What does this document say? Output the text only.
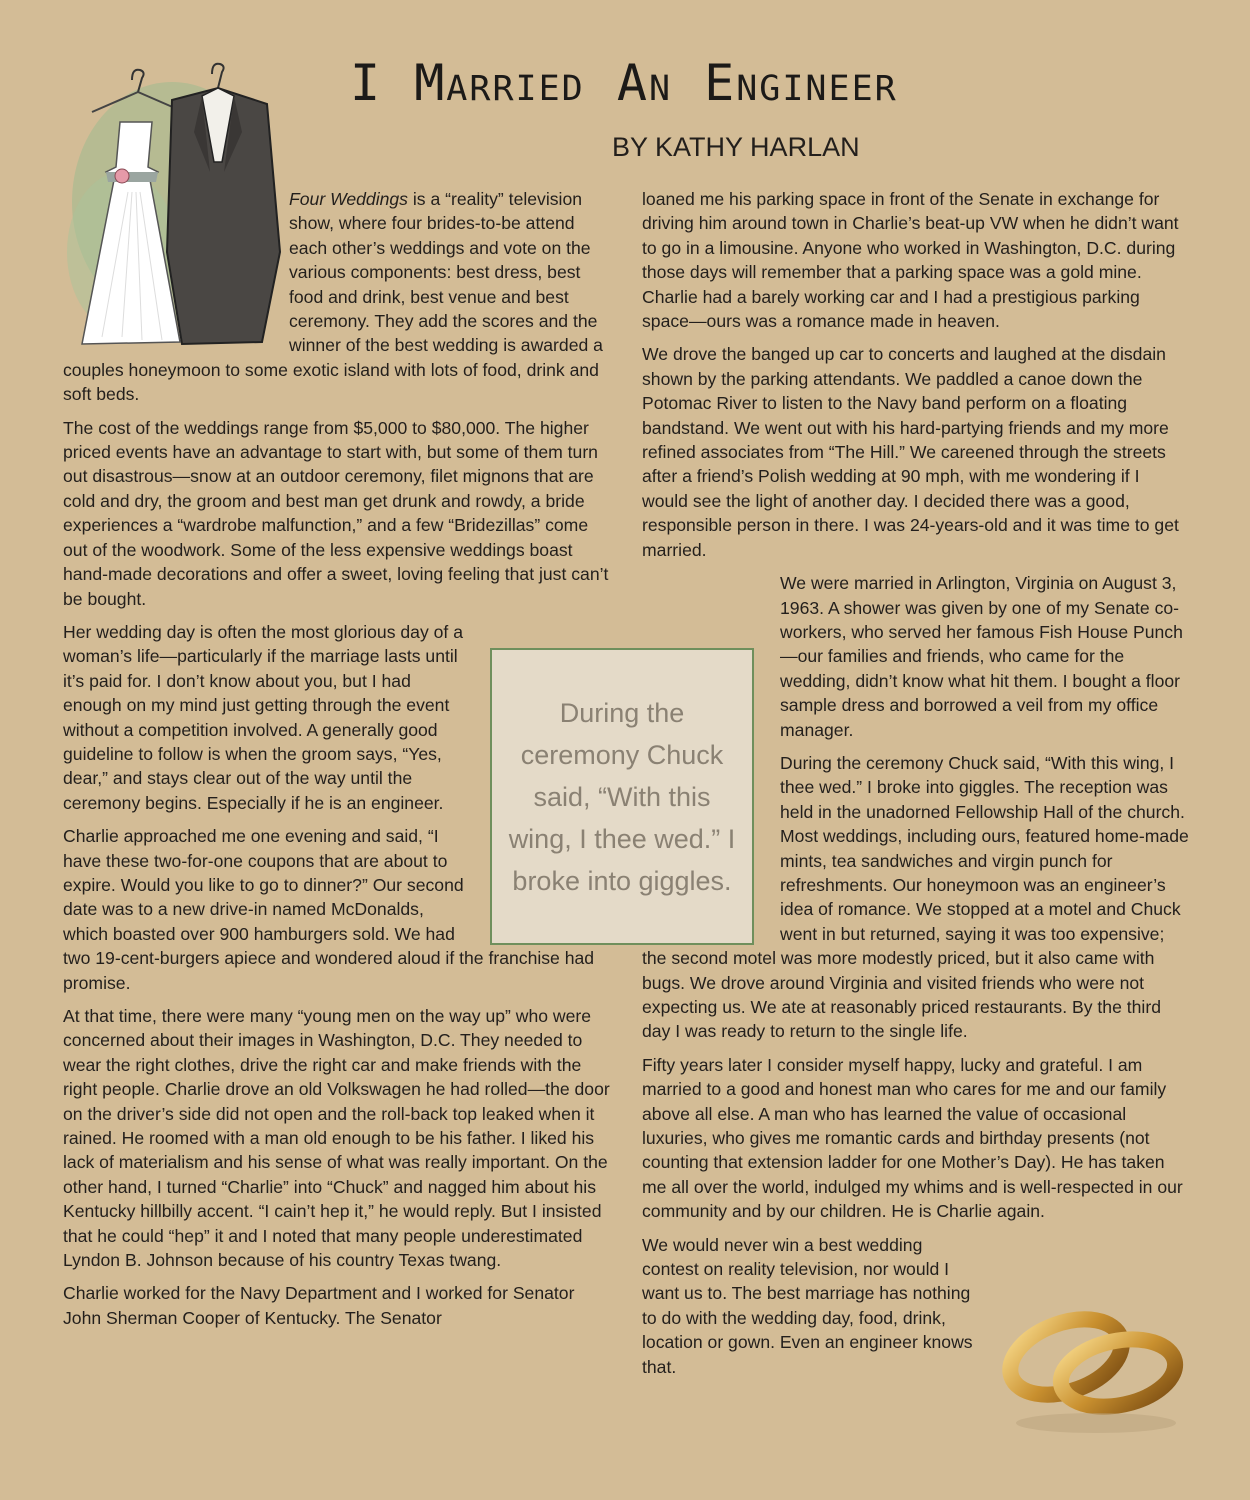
I Married An Engineer
BY KATHY HARLAN
During the ceremony Chuck said, “With this wing, I thee wed.” I broke into giggles.

Four Weddings is a “reality” television show, where four brides-to-be attend each other’s weddings and vote on the various components: best dress, best food and drink, best venue and best ceremony. They add the scores and the winner of the best wedding is awarded a couples honeymoon to some exotic island with lots of food, drink and soft beds.

The cost of the weddings range from $5,000 to $80,000. The higher priced events have an advantage to start with, but some of them turn out disastrous—snow at an outdoor ceremony, filet mignons that are cold and dry, the groom and best man get drunk and rowdy, a bride experiences a “wardrobe malfunction,” and a few “Bridezillas” come out of the woodwork. Some of the less expensive weddings boast hand-made decorations and offer a sweet, loving feeling that just can’t be bought.

Her wedding day is often the most glorious day of a woman’s life—particularly if the marriage lasts until it’s paid for. I don’t know about you, but I had enough on my mind just getting through the event without a competition involved. A generally good guideline to follow is when the groom says, “Yes, dear,” and stays clear out of the way until the ceremony begins. Especially if he is an engineer.

Charlie approached me one evening and said, “I have these two-for-one coupons that are about to expire. Would you like to go to dinner?” Our second date was to a new drive-in named McDonalds, which boasted over 900 hamburgers sold. We had two 19-cent-burgers apiece and wondered aloud if the franchise had promise.

At that time, there were many “young men on the way up” who were concerned about their images in Washington, D.C. They needed to wear the right clothes, drive the right car and make friends with the right people. Charlie drove an old Volkswagen he had rolled—the door on the driver’s side did not open and the roll-back top leaked when it rained. He roomed with a man old enough to be his father. I liked his lack of materialism and his sense of what was really important. On the other hand, I turned “Charlie” into “Chuck” and nagged him about his Kentucky hillbilly accent. “I cain’t hep it,” he would reply. But I insisted that he could “hep” it and I noted that many people underestimated Lyndon B. Johnson because of his country Texas twang.

Charlie worked for the Navy Department and I worked for Senator John Sherman Cooper of Kentucky. The Senator

loaned me his parking space in front of the Senate in exchange for driving him around town in Charlie’s beat-up VW when he didn’t want to go in a limousine. Anyone who worked in Washington, D.C. during those days will remember that a parking space was a gold mine. Charlie had a barely working car and I had a prestigious parking space—ours was a romance made in heaven.

We drove the banged up car to concerts and laughed at the disdain shown by the parking attendants. We paddled a canoe down the Potomac River to listen to the Navy band perform on a floating bandstand. We went out with his hard-partying friends and my more refined associates from “The Hill.” We careened through the streets after a friend’s Polish wedding at 90 mph, with me wondering if I would see the light of another day. I decided there was a good, responsible person in there. I was 24-years-old and it was time to get married.

We were married in Arlington, Virginia on August 3, 1963. A shower was given by one of my Senate co-workers, who served her famous Fish House Punch—our families and friends, who came for the wedding, didn’t know what hit them. I bought a floor sample dress and borrowed a veil from my office manager.

During the ceremony Chuck said, “With this wing, I thee wed.” I broke into giggles. The reception was held in the unadorned Fellowship Hall of the church. Most weddings, including ours, featured home-made mints, tea sandwiches and virgin punch for refreshments. Our honeymoon was an engineer’s idea of romance. We stopped at a motel and Chuck went in but returned, saying it was too expensive; the second motel was more modestly priced, but it also came with bugs. We drove around Virginia and visited friends who were not expecting us. We ate at reasonably priced restaurants. By the third day I was ready to return to the single life.

Fifty years later I consider myself happy, lucky and grateful. I am married to a good and honest man who cares for me and our family above all else. A man who has learned the value of occasional luxuries, who gives me romantic cards and birthday presents (not counting that extension ladder for one Mother’s Day). He has taken me all over the world, indulged my whims and is well-respected in our community and by our children. He is Charlie again.

We would never win a best wedding contest on reality television, nor would I want us to. The best marriage has nothing to do with the wedding day, food, drink, location or gown. Even an engineer knows that.
